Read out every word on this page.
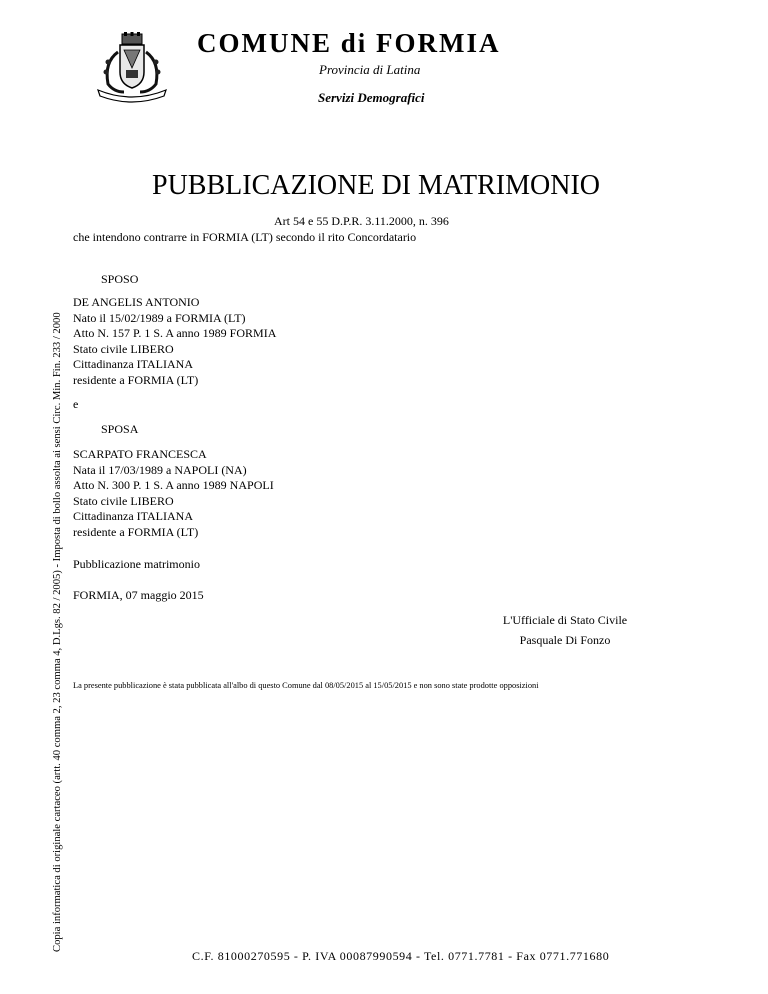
Copia informatica di originale cartaceo (artt. 40 comma 2, 23 comma 4, D.Lgs. 82 / 2005) - Imposta di bollo assolta ai sensi Circ. Min. Fin. 233 / 2000
COMUNE di FORMIA
Provincia di Latina
Servizi Demografici
PUBBLICAZIONE DI MATRIMONIO
Art 54 e 55 D.P.R. 3.11.2000, n. 396
che intendono contrarre in FORMIA (LT) secondo il rito Concordatario
SPOSO
DE ANGELIS ANTONIO
Nato il 15/02/1989 a FORMIA (LT)
Atto N. 157 P. 1 S. A anno 1989 FORMIA
Stato civile LIBERO
Cittadinanza ITALIANA
residente a FORMIA (LT)
e
SPOSA
SCARPATO FRANCESCA
Nata il 17/03/1989 a NAPOLI (NA)
Atto N. 300 P. 1 S. A anno 1989 NAPOLI
Stato civile LIBERO
Cittadinanza ITALIANA
residente a FORMIA (LT)
Pubblicazione matrimonio
FORMIA, 07 maggio 2015
L'Ufficiale di Stato Civile
Pasquale Di Fonzo
La presente pubblicazione è stata pubblicata all'albo di questo Comune dal 08/05/2015 al 15/05/2015 e non sono state prodotte opposizioni
C.F. 81000270595 - P. IVA 00087990594 - Tel. 0771.7781 - Fax 0771.771680
